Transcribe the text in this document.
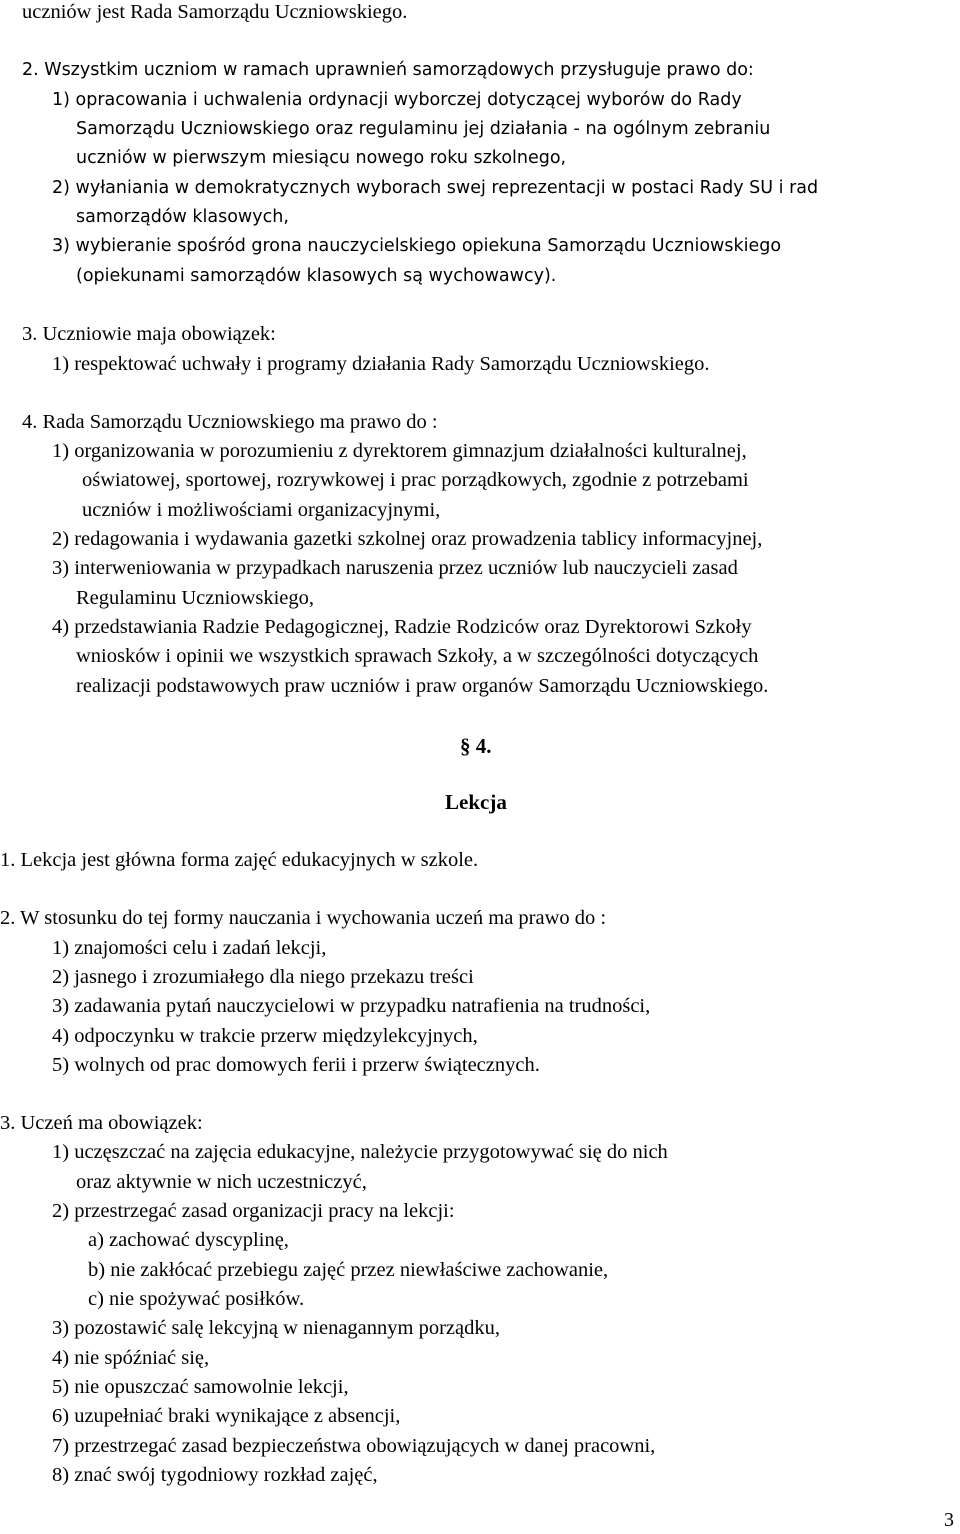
uczniów jest Rada Samorządu Uczniowskiego.
2. Wszystkim uczniom w ramach uprawnień samorządowych przysługuje prawo do:
1) opracowania i uchwalenia ordynacji wyborczej dotyczącej wyborów do Rady
Samorządu Uczniowskiego oraz regulaminu jej działania - na ogólnym zebraniu
uczniów w pierwszym miesiącu nowego roku szkolnego,
2) wyłaniania w demokratycznych wyborach swej reprezentacji w postaci Rady SU i rad
samorządów klasowych,
3) wybieranie spośród grona nauczycielskiego opiekuna Samorządu Uczniowskiego
(opiekunami samorządów klasowych są wychowawcy).
3. Uczniowie maja obowiązek:
1) respektować uchwały i programy działania Rady Samorządu Uczniowskiego.
4. Rada Samorządu Uczniowskiego ma prawo do :
1) organizowania w porozumieniu z dyrektorem gimnazjum działalności kulturalnej,
oświatowej, sportowej, rozrywkowej i prac porządkowych, zgodnie z potrzebami
uczniów i możliwościami organizacyjnymi,
2) redagowania i wydawania gazetki szkolnej oraz prowadzenia tablicy informacyjnej,
3) interweniowania w przypadkach naruszenia przez uczniów lub nauczycieli zasad
Regulaminu Uczniowskiego,
4) przedstawiania Radzie Pedagogicznej, Radzie Rodziców oraz Dyrektorowi Szkoły
wniosków i opinii we wszystkich sprawach Szkoły, a w szczególności dotyczących
realizacji podstawowych praw uczniów i praw organów Samorządu Uczniowskiego.
§ 4.
Lekcja
1. Lekcja jest główna forma zajęć edukacyjnych w szkole.
2. W stosunku do tej formy nauczania i wychowania uczeń ma prawo do :
1) znajomości celu i zadań lekcji,
2) jasnego i zrozumiałego dla niego przekazu treści
3) zadawania pytań nauczycielowi w przypadku natrafienia na trudności,
4) odpoczynku w trakcie przerw międzylekcyjnych,
5) wolnych od prac domowych ferii i przerw świątecznych.
3. Uczeń ma obowiązek:
1) uczęszczać na zajęcia edukacyjne, należycie przygotowywać się do nich
oraz aktywnie w nich uczestniczyć,
2) przestrzegać zasad organizacji pracy na lekcji:
a) zachować dyscyplinę,
b) nie zakłócać przebiegu zajęć przez niewłaściwe zachowanie,
c) nie spożywać posiłków.
3) pozostawić salę lekcyjną w nienagannym porządku,
4) nie spóźniać się,
5) nie opuszczać samowolnie lekcji,
6) uzupełniać braki wynikające z absencji,
7) przestrzegać zasad bezpieczeństwa obowiązujących w danej pracowni,
8) znać swój tygodniowy rozkład zajęć,
3
